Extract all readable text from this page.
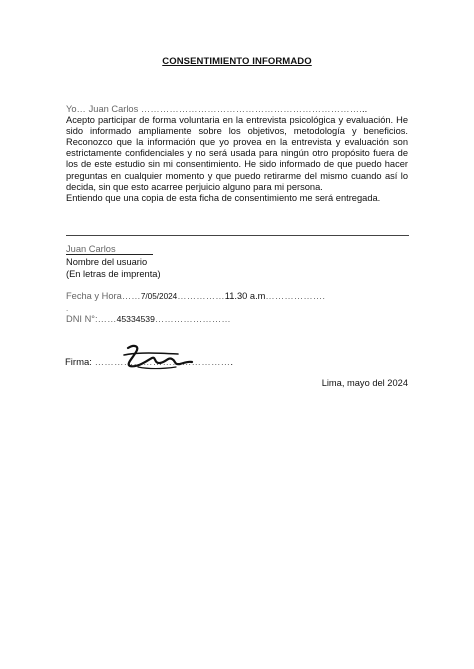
CONSENTIMIENTO INFORMADO

Yo… Juan Carlos ……………………………………………………………...

Acepto participar de forma voluntaria en la entrevista psicológica y evaluación. He sido informado ampliamente sobre los objetivos, metodología y beneficios. Reconozco que la información que yo provea en la entrevista y evaluación son estrictamente confidenciales y no será usada para ningún otro propósito fuera de los de este estudio sin mi consentimiento. He sido informado de que puedo hacer preguntas en cualquier momento y que puedo retirarme del mismo cuando así lo decida, sin que esto acarree perjuicio alguno para mi persona.

Entiendo que una copia de esta ficha de consentimiento me será entregada.

Juan Carlos
Nombre del usuario
(En letras de imprenta)
Fecha y Hora……7/05/2024……………11.30 a.m……………….
.
DNI N°:……45334539……………………
Firma: …………………………………….
Lima, mayo del 2024
